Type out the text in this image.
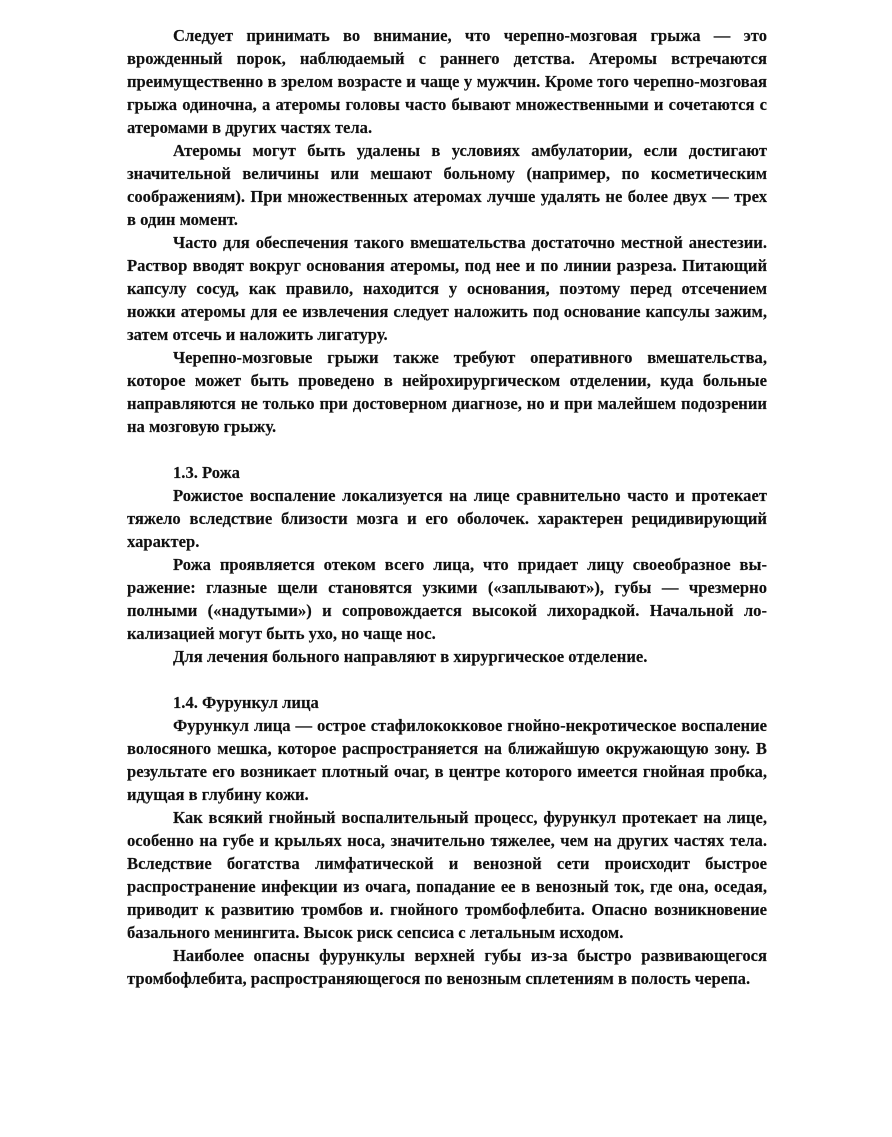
Следует принимать во внимание, что черепно-мозговая грыжа — это врожденный порок, наблюдаемый с раннего детства. Атеромы встречаются преимущественно в зрелом возрасте и чаще у мужчин. Кроме того черепно-мозговая грыжа одиночна, а атеромы головы часто бывают множественными и сочетаются с атеромами в других частях тела.

Атеромы могут быть удалены в условиях амбулатории, если достигают значительной величины или мешают больному (например, по косметическим соображениям). При множественных атеромах лучше удалять не более двух — трех в один момент.

Часто для обеспечения такого вмешательства достаточно местной анестезии. Раствор вводят вокруг основания атеромы, под нее и по линии разреза. Питающий капсулу сосуд, как правило, находится у основания, поэтому перед отсечением ножки атеромы для ее извлечения следует наложить под основание капсулы зажим, затем отсечь и наложить лигатуру.

Черепно-мозговые грыжи также требуют оперативного вмешательства, которое может быть проведено в нейрохирургическом отделении, куда больные направляются не только при достоверном диагнозе, но и при малейшем подозрении на мозговую грыжу.

1.3. Рожа

Рожистое воспаление локализуется на лице сравнительно часто и протекает тяжело вследствие близости мозга и его оболочек. характерен рецидивирующий характер.

Рожа проявляется отеком всего лица, что придает лицу своеобразное выражение: глазные щели становятся узкими («заплывают»), губы — чрезмерно полными («надутыми») и сопровождается высокой лихорадкой. Начальной локализацией могут быть ухо, но чаще нос.

Для лечения больного направляют в хирургическое отделение.

1.4. Фурункул лица

Фурункул лица — острое стафилококковое гнойно-некротическое воспаление волосяного мешка, которое распространяется на ближайшую окружающую зону. В результате его возникает плотный очаг, в центре которого имеется гнойная пробка, идущая в глубину кожи.

Как всякий гнойный воспалительный процесс, фурункул протекает на лице, особенно на губе и крыльях носа, значительно тяжелее, чем на других частях тела. Вследствие богатства лимфатической и венозной сети происходит быстрое распространение инфекции из очага, попадание ее в венозный ток, где она, оседая, приводит к развитию тромбов и. гнойного тромбофлебита. Опасно возникновение базального менингита. Высок риск сепсиса с летальным исходом.

Наиболее опасны фурункулы верхней губы из-за быстро развивающегося тромбофлебита, распространяющегося по венозным сплетениям в полость черепа.
